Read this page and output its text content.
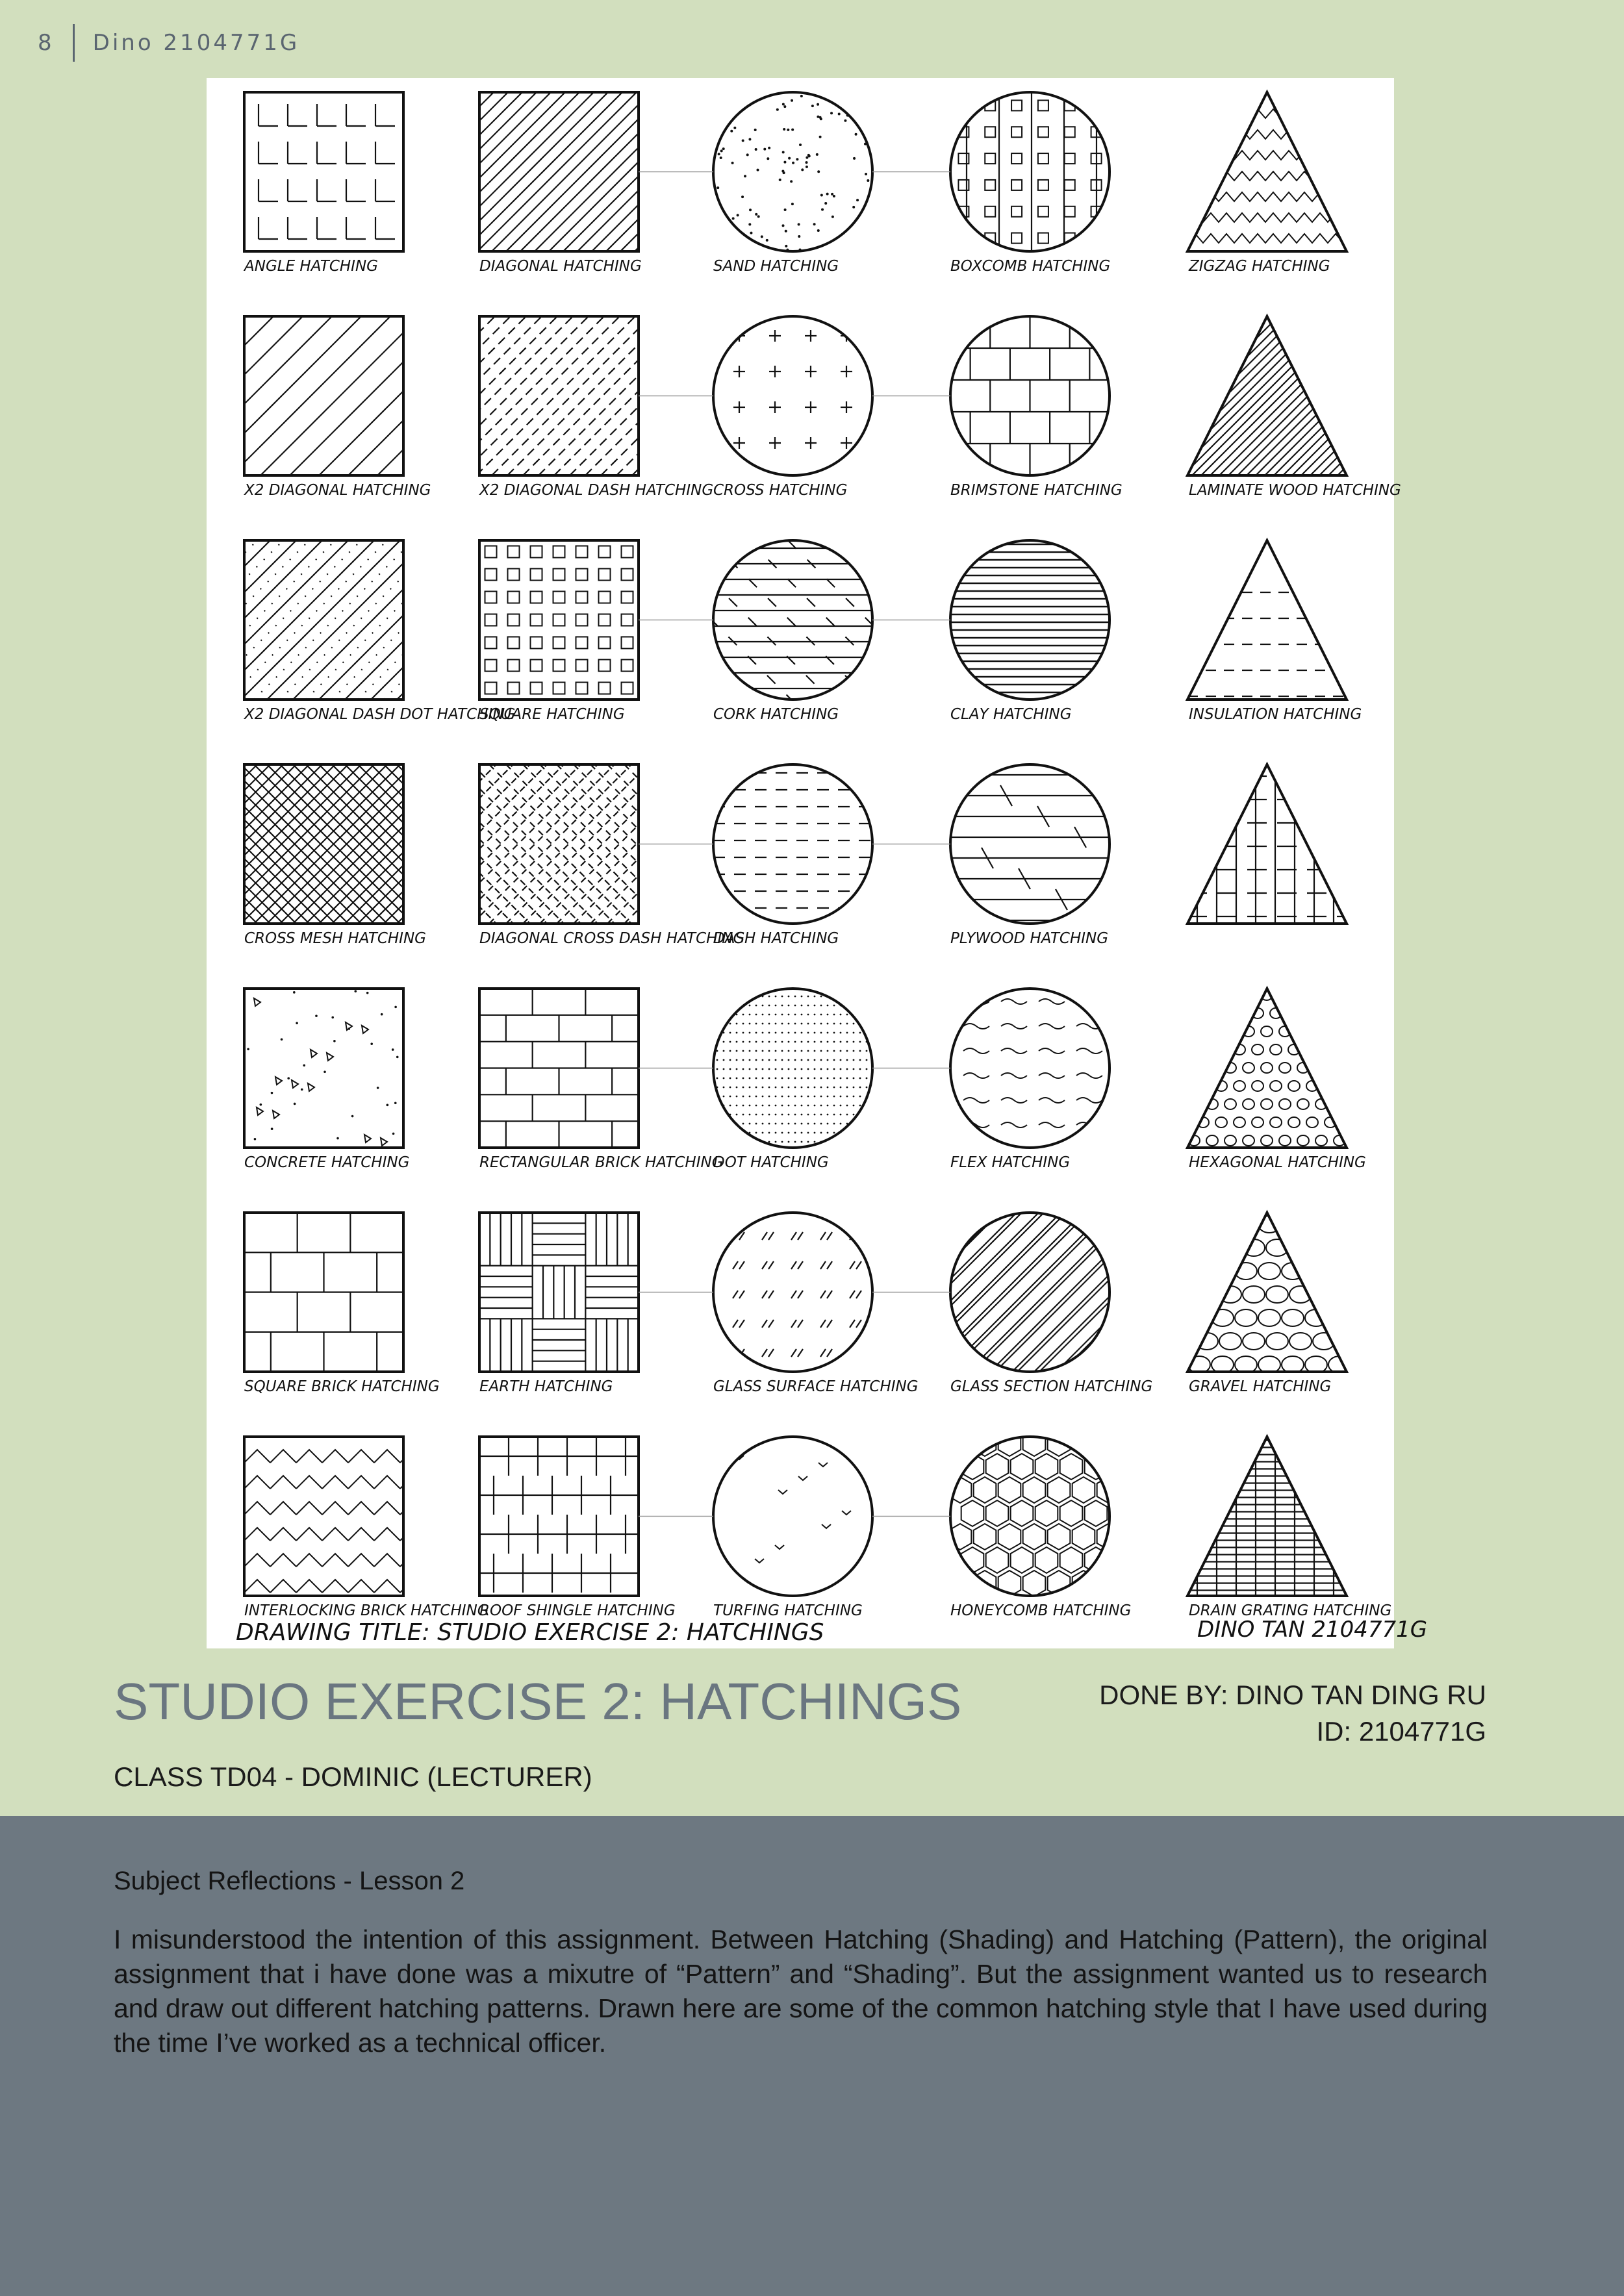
8 Dino 2104771G
ANGLE HATCHING	DIAGONAL HATCHING	SAND HATCHING	BOXCOMB HATCHING	ZIGZAG HATCHING
X2 DIAGONAL HATCHING	X2 DIAGONAL DASH HATCHING CROSS HATCHING	BRIMSTONE HATCHING	LAMINATE WOOD HATCHING
X2 DIAGONAL DASH DOT HATCHING
SQUARE HATCHING	CORK HATCHING	CLAY HATCHING	INSULATION HATCHING
CROSS MESH HATCHING	DIAGONAL CROSS DASH HATCHING
DASH HATCHING	PLYWOOD HATCHING
CONCRETE HATCHING	RECTANGULAR BRICK HATCHING
DOT HATCHING	FLEX HATCHING	HEXAGONAL HATCHING
SQUARE BRICK HATCHING	EARTH HATCHING	GLASS SURFACE HATCHING GLASS SECTION HATCHING GRAVEL HATCHING
INTERLOCKING BRICK HATCHING
ROOF SHINGLE HATCHING	TURFING HATCHING	HONEYCOMB HATCHING	DRAIN GRATING HATCHING
DRAWING TITLE: STUDIO EXERCISE 2: HATCHINGS	DINO TAN 2104771G
STUDIO EXERCISE 2: HATCHINGS
CLASS TD04 - DOMINIC (LECTURER)
DONE BY: DINO TAN DING RU
ID: 2104771G
Subject Reflections - Lesson 2
I misunderstood the intention of this assignment. Between Hatching (Shading) and Hatching (Pattern), the original assignment that i have done was a mixutre of “Pattern” and “Shading”. But the assignment wanted us to research and draw out different hatching patterns. Drawn here are some of the common hatching style that I have used during the time I’ve worked as a technical officer.
